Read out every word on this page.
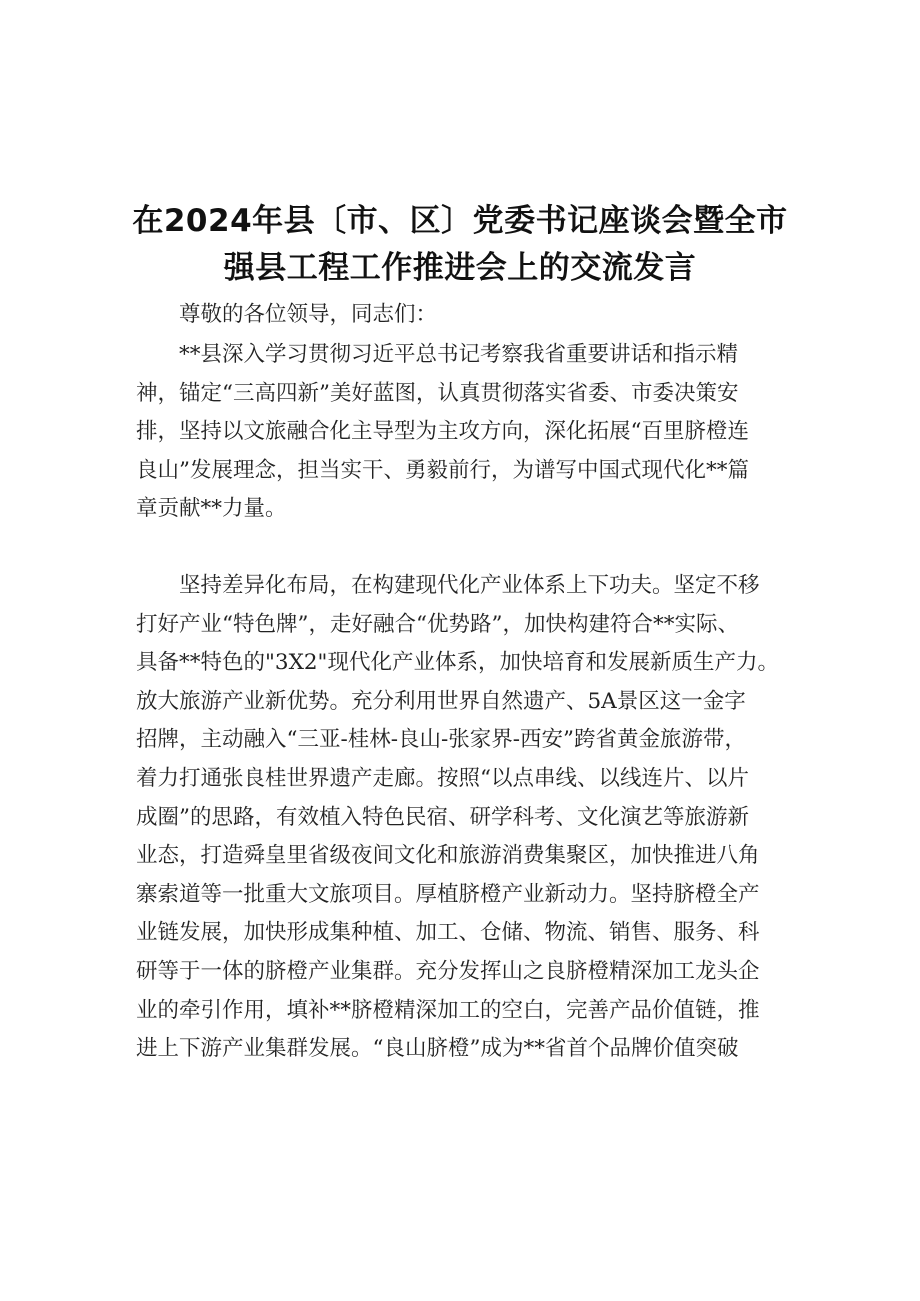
在2024年县〔市、区〕党委书记座谈会暨全市
强县工程工作推进会上的交流发言
尊敬的各位领导，同志们：
**县深入学习贯彻习近平总书记考察我省重要讲话和指示精
神，锚定“三高四新”美好蓝图，认真贯彻落实省委、市委决策安
排，坚持以文旅融合化主导型为主攻方向，深化拓展“百里脐橙连
良山”发展理念，担当实干、勇毅前行，为谱写中国式现代化**篇
章贡献**力量。
坚持差异化布局，在构建现代化产业体系上下功夫。坚定不移
打好产业“特色牌”，走好融合“优势路”，加快构建符合**实际、
具备**特色的"3X2"现代化产业体系，加快培育和发展新质生产力。
放大旅游产业新优势。充分利用世界自然遗产、5A景区这一金字
招牌，主动融入“三亚-桂林-良山-张家界-西安”跨省黄金旅游带，
着力打通张良桂世界遗产走廊。按照“以点串线、以线连片、以片
成圈”的思路，有效植入特色民宿、研学科考、文化演艺等旅游新
业态，打造舜皇里省级夜间文化和旅游消费集聚区，加快推进八角
寨索道等一批重大文旅项目。厚植脐橙产业新动力。坚持脐橙全产
业链发展，加快形成集种植、加工、仓储、物流、销售、服务、科
研等于一体的脐橙产业集群。充分发挥山之良脐橙精深加工龙头企
业的牵引作用，填补**脐橙精深加工的空白，完善产品价值链，推
进上下游产业集群发展。“良山脐橙”成为**省首个品牌价值突破
